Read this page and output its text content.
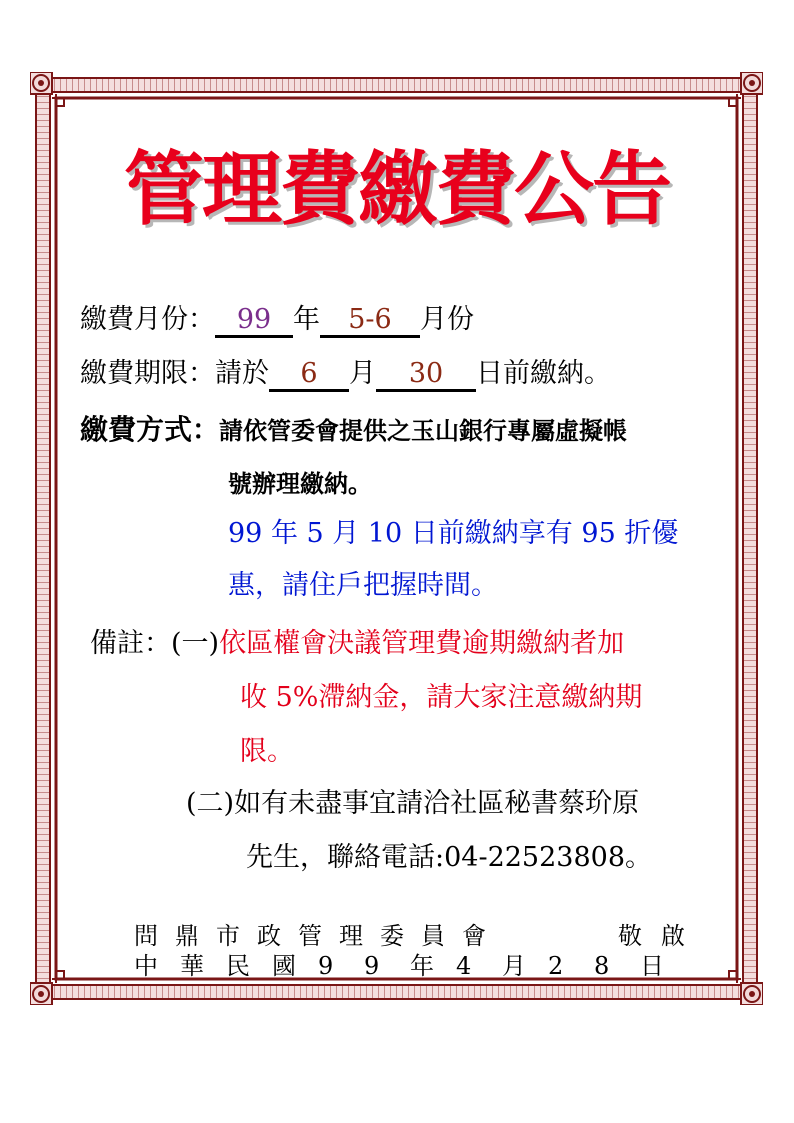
管理費繳費公告
繳費月份： 99 年 5-6 月份
繳費期限：請於 6 月 30 日前繳納。
繳費方式：請依管委會提供之玉山銀行專屬虛擬帳
號辦理繳納。
99 年 5 月 10 日前繳納享有 95 折優
惠，請住戶把握時間。
備註：(一)依區權會決議管理費逾期繳納者加
收 5%滯納金，請大家注意繳納期
限。
(二)如有未盡事宜請洽社區秘書蔡玠原
先生，聯絡電話:04-22523808。
問 鼎 市 政 管 理 委 員 會	敬 啟
中 華 民 國 9 9 年 4 月 2 8 日
